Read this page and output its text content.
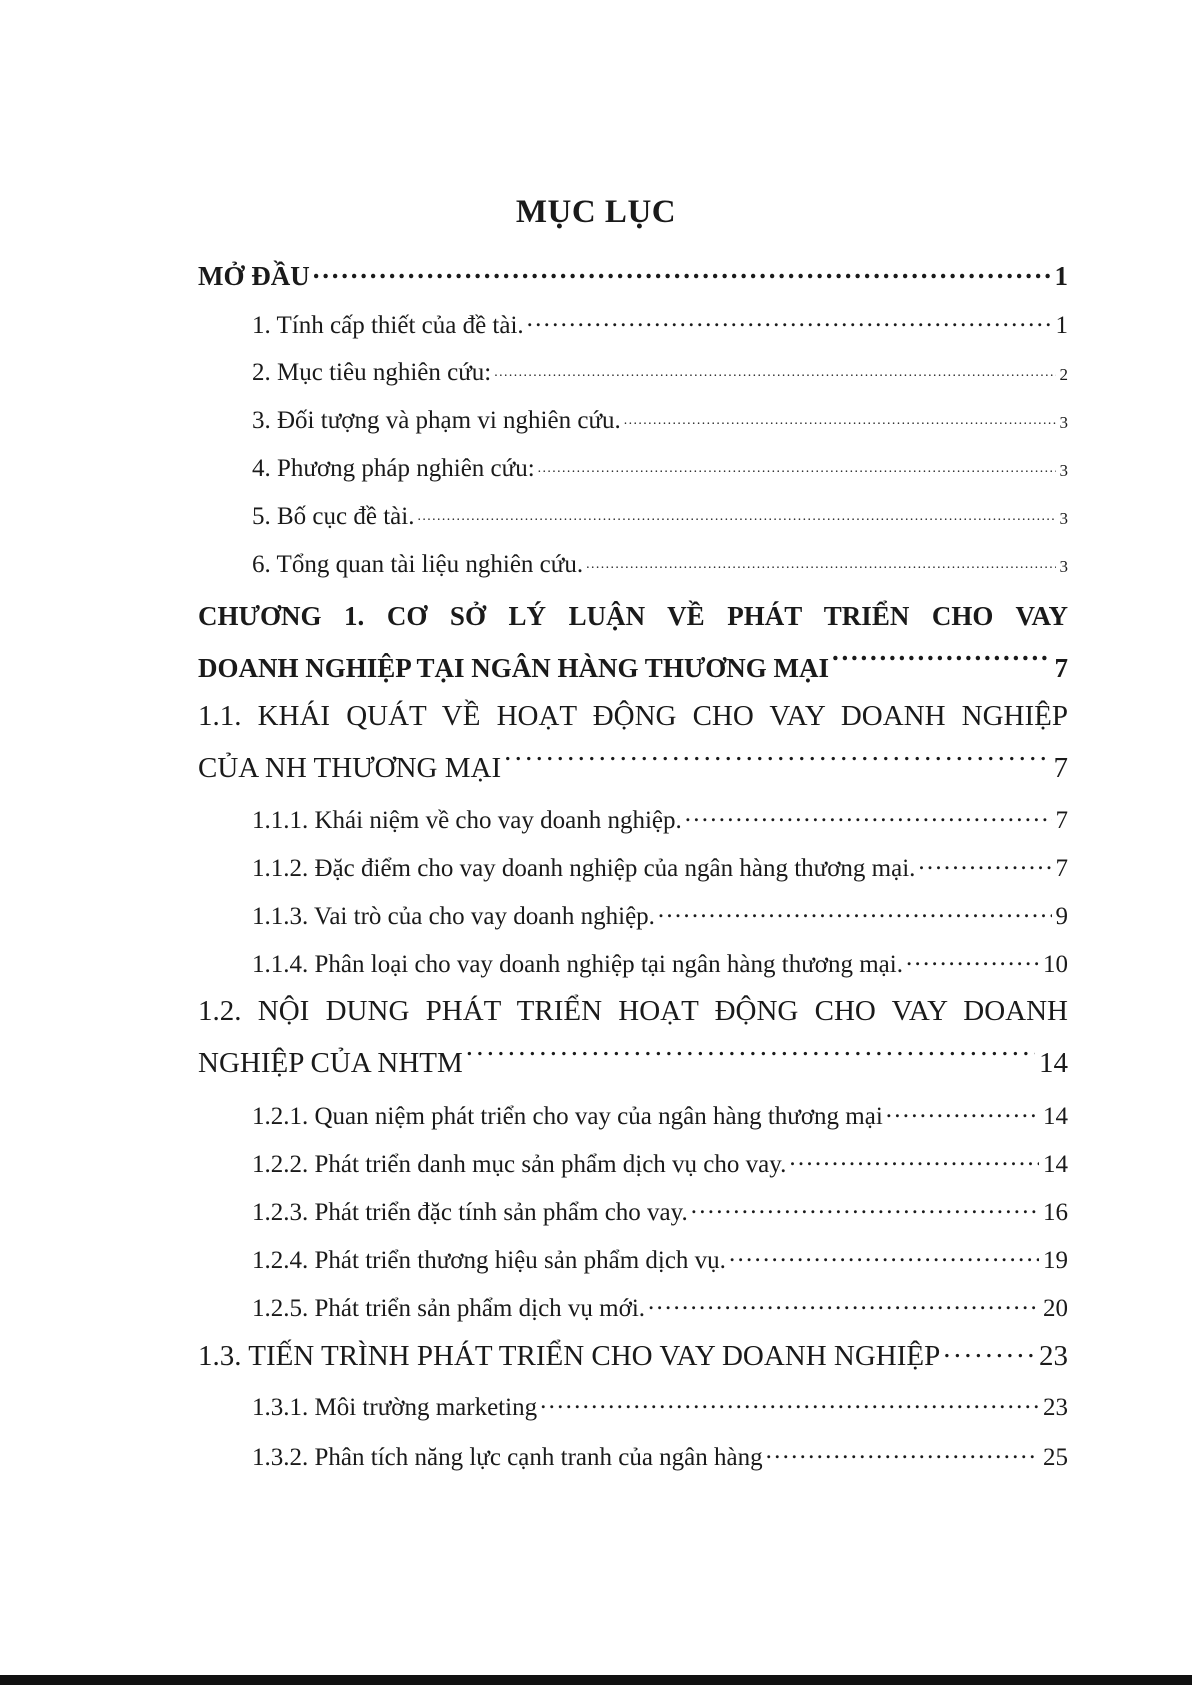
MỤC LỤC
MỞ ĐẦU . . .	1
1. Tính cấp thiết của đề tài. . . .	1
2. Mục tiêu nghiên cứu: . . .	2
3. Đối tượng và phạm vi nghiên cứu. . . .	3
4. Phương pháp nghiên cứu: . . .	3
5. Bố cục đề tài. . . .	3
6. Tổng quan tài liệu nghiên cứu. . . .	3
CHƯƠNG 1. CƠ SỞ LÝ LUẬN VỀ PHÁT TRIỂN CHO VAY
DOANH NGHIỆP TẠI NGÂN HÀNG THƯƠNG MẠI . . .	7
1.1. KHÁI QUÁT VỀ HOẠT ĐỘNG CHO VAY DOANH NGHIỆP
CỦA NH THƯƠNG MẠI . . .	7
1.1.1. Khái niệm về cho vay doanh nghiệp. . . .	7
1.1.2. Đặc điểm cho vay doanh nghiệp của ngân hàng thương mại. . . .	7
1.1.3. Vai trò của cho vay doanh nghiệp. . . .	9
1.1.4. Phân loại cho vay doanh nghiệp tại ngân hàng thương mại. . . .	10
1.2. NỘI DUNG PHÁT TRIỂN HOẠT ĐỘNG CHO VAY DOANH
NGHIỆP CỦA NHTM . . .	14
1.2.1. Quan niệm phát triển cho vay của ngân hàng thương mại . . .	14
1.2.2. Phát triển danh mục sản phẩm dịch vụ cho vay. . . .	14
1.2.3. Phát triển đặc tính sản phẩm cho vay. . . .	16
1.2.4. Phát triển thương hiệu sản phẩm dịch vụ. . . .	19
1.2.5. Phát triển sản phẩm dịch vụ mới. . . .	20
1.3. TIẾN TRÌNH PHÁT TRIỂN CHO VAY DOANH NGHIỆP . . .	23
1.3.1. Môi trường marketing . . .	23
1.3.2. Phân tích năng lực cạnh tranh của ngân hàng . . .	25
